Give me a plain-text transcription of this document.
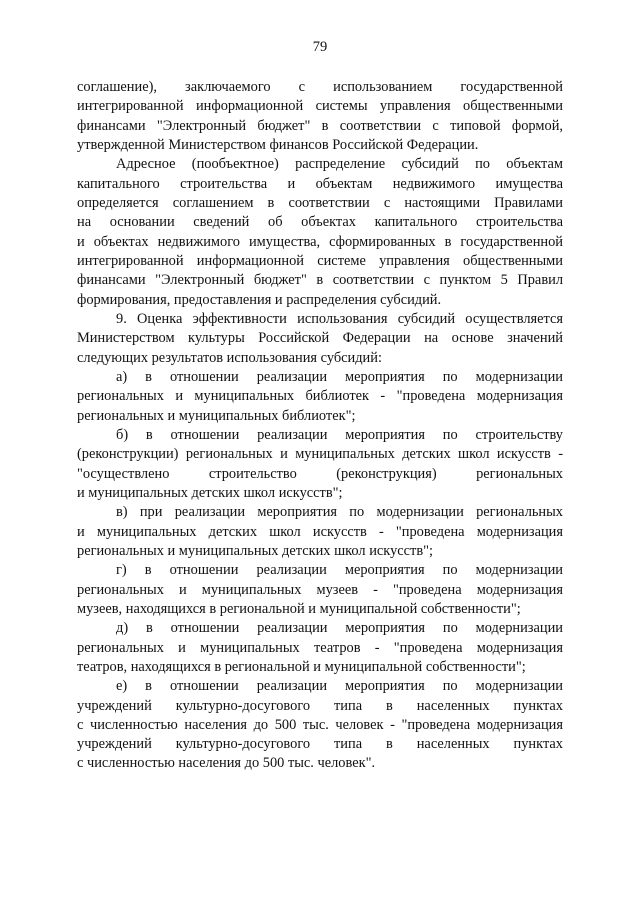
79
соглашение), заключаемого с использованием государственной
интегрированной информационной системы управления общественными
финансами "Электронный бюджет" в соответствии с типовой формой,
утвержденной Министерством финансов Российской Федерации.
Адресное (пообъектное) распределение субсидий по объектам
капитального строительства и объектам недвижимого имущества
определяется соглашением в соответствии с настоящими Правилами
на основании сведений об объектах капитального строительства
и объектах недвижимого имущества, сформированных в государственной
интегрированной информационной системе управления общественными
финансами "Электронный бюджет" в соответствии с пунктом 5 Правил
формирования, предоставления и распределения субсидий.
9. Оценка эффективности использования субсидий осуществляется
Министерством культуры Российской Федерации на основе значений
следующих результатов использования субсидий:
а) в отношении реализации мероприятия по модернизации
региональных и муниципальных библиотек - "проведена модернизация
региональных и муниципальных библиотек";
б) в отношении реализации мероприятия по строительству
(реконструкции) региональных и муниципальных детских школ искусств -
"осуществлено строительство (реконструкция) региональных
и муниципальных детских школ искусств";
в) при реализации мероприятия по модернизации региональных
и муниципальных детских школ искусств - "проведена модернизация
региональных и муниципальных детских школ искусств";
г) в отношении реализации мероприятия по модернизации
региональных и муниципальных музеев - "проведена модернизация
музеев, находящихся в региональной и муниципальной собственности";
д) в отношении реализации мероприятия по модернизации
региональных и муниципальных театров - "проведена модернизация
театров, находящихся в региональной и муниципальной собственности";
е) в отношении реализации мероприятия по модернизации
учреждений культурно-досугового типа в населенных пунктах
с численностью населения до 500 тыс. человек - "проведена модернизация
учреждений культурно-досугового типа в населенных пунктах
с численностью населения до 500 тыс. человек".
